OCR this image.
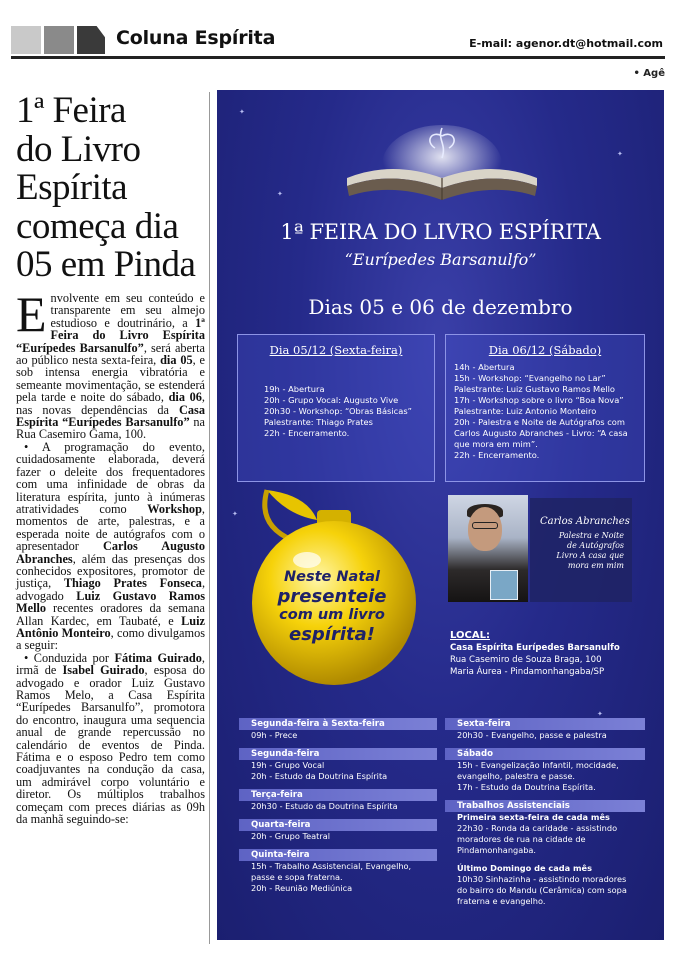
Coluna Espírita	E-mail: agenor.dt@hotmail.com
• Agê
1ª Feira
do Livro
Espírita
começa dia
05 em Pinda

Envolvente em seu conteúdo e transparente em seu almejo estudioso e doutrinário, a 1ª Feira do Livro Espírita “Eurípedes Barsanulfo”, será aberta ao público nesta sexta-feira, dia 05, e sob intensa energia vibratória e semeante movimentação, se estenderá pela tarde e noite do sábado, dia 06, nas novas dependências da Casa Espírita “Eurípedes Barsanulfo” na Rua Casemiro Gama, 100.

• A programação do evento, cuidadosamente elaborada, deverá fazer o deleite dos frequentadores com uma infinidade de obras da literatura espírita, junto à inúmeras atratividades como Workshop, momentos de arte, palestras, e a esperada noite de autógrafos com o apresentador Carlos Augusto Abranches, além das presenças dos conhecidos expositores, promotor de justiça, Thiago Prates Fonseca, advogado Luiz Gustavo Ramos Mello recentes oradores da semana Allan Kardec, em Taubaté, e Luiz Antônio Monteiro, como divulgamos a seguir:

• Conduzida por Fátima Guirado, irmã de Isabel Guirado, esposa do advogado e orador Luiz Gustavo Ramos Melo, a Casa Espírita “Eurípedes Barsanulfo”, promotora do encontro, inaugura uma sequencia anual de grande repercussão no calendário de eventos de Pinda. Fátima e o esposo Pedro tem como coadjuvantes na condução da casa, um admirável corpo voluntário e diretor. Os múltiplos trabalhos começam com preces diárias as 09h da manhã seguindo-se:

✦
✦
✦
✦
✦
1ª FEIRA DO LIVRO ESPÍRITA
“Eurípedes Barsanulfo”
Dias 05 e 06 de dezembro
Dia 05/12 (Sexta-feira)
19h - Abertura
20h - Grupo Vocal: Augusto Vive
20h30 - Workshop: “Obras Básicas”
Palestrante: Thiago Prates
22h - Encerramento.
Dia 06/12 (Sábado)
14h - Abertura
15h - Workshop: “Evangelho no Lar”
Palestrante: Luiz Gustavo Ramos Mello
17h - Workshop sobre o livro “Boa Nova”
Palestrante: Luiz Antonio Monteiro
20h - Palestra e Noite de Autógrafos com
Carlos Augusto Abranches - Livro: “A casa
que mora em mim”.
22h - Encerramento.
Neste Natal
presenteie
com um livro
espírita!
Carlos Abranches
Palestra e Noite
de Autógrafos
Livro A casa que
mora em mim
LOCAL:
Casa Espírita Eurípedes Barsanulfo
Rua Casemiro de Souza Braga, 100
Maria Áurea - Pindamonhangaba/SP
Segunda-feira à Sexta-feira
09h - Prece
Segunda-feira
19h - Grupo Vocal
20h - Estudo da Doutrina Espírita
Terça-feira
20h30 - Estudo da Doutrina Espírita
Quarta-feira
20h - Grupo Teatral
Quinta-feira
15h - Trabalho Assistencial, Evangelho,
passe e sopa fraterna.
20h - Reunião Mediúnica
Sexta-feira
20h30 - Evangelho, passe e palestra
Sábado
15h - Evangelização Infantil, mocidade,
evangelho, palestra e passe.
17h - Estudo da Doutrina Espírita.
Trabalhos Assistenciais
Primeira sexta-feira de cada mês
22h30 - Ronda da caridade - assistindo
moradores de rua na cidade de
Pindamonhangaba.
Último Domingo de cada mês
10h30 Sinhazinha - assistindo moradores
do bairro do Mandu (Cerâmica) com sopa
fraterna e evangelho.
